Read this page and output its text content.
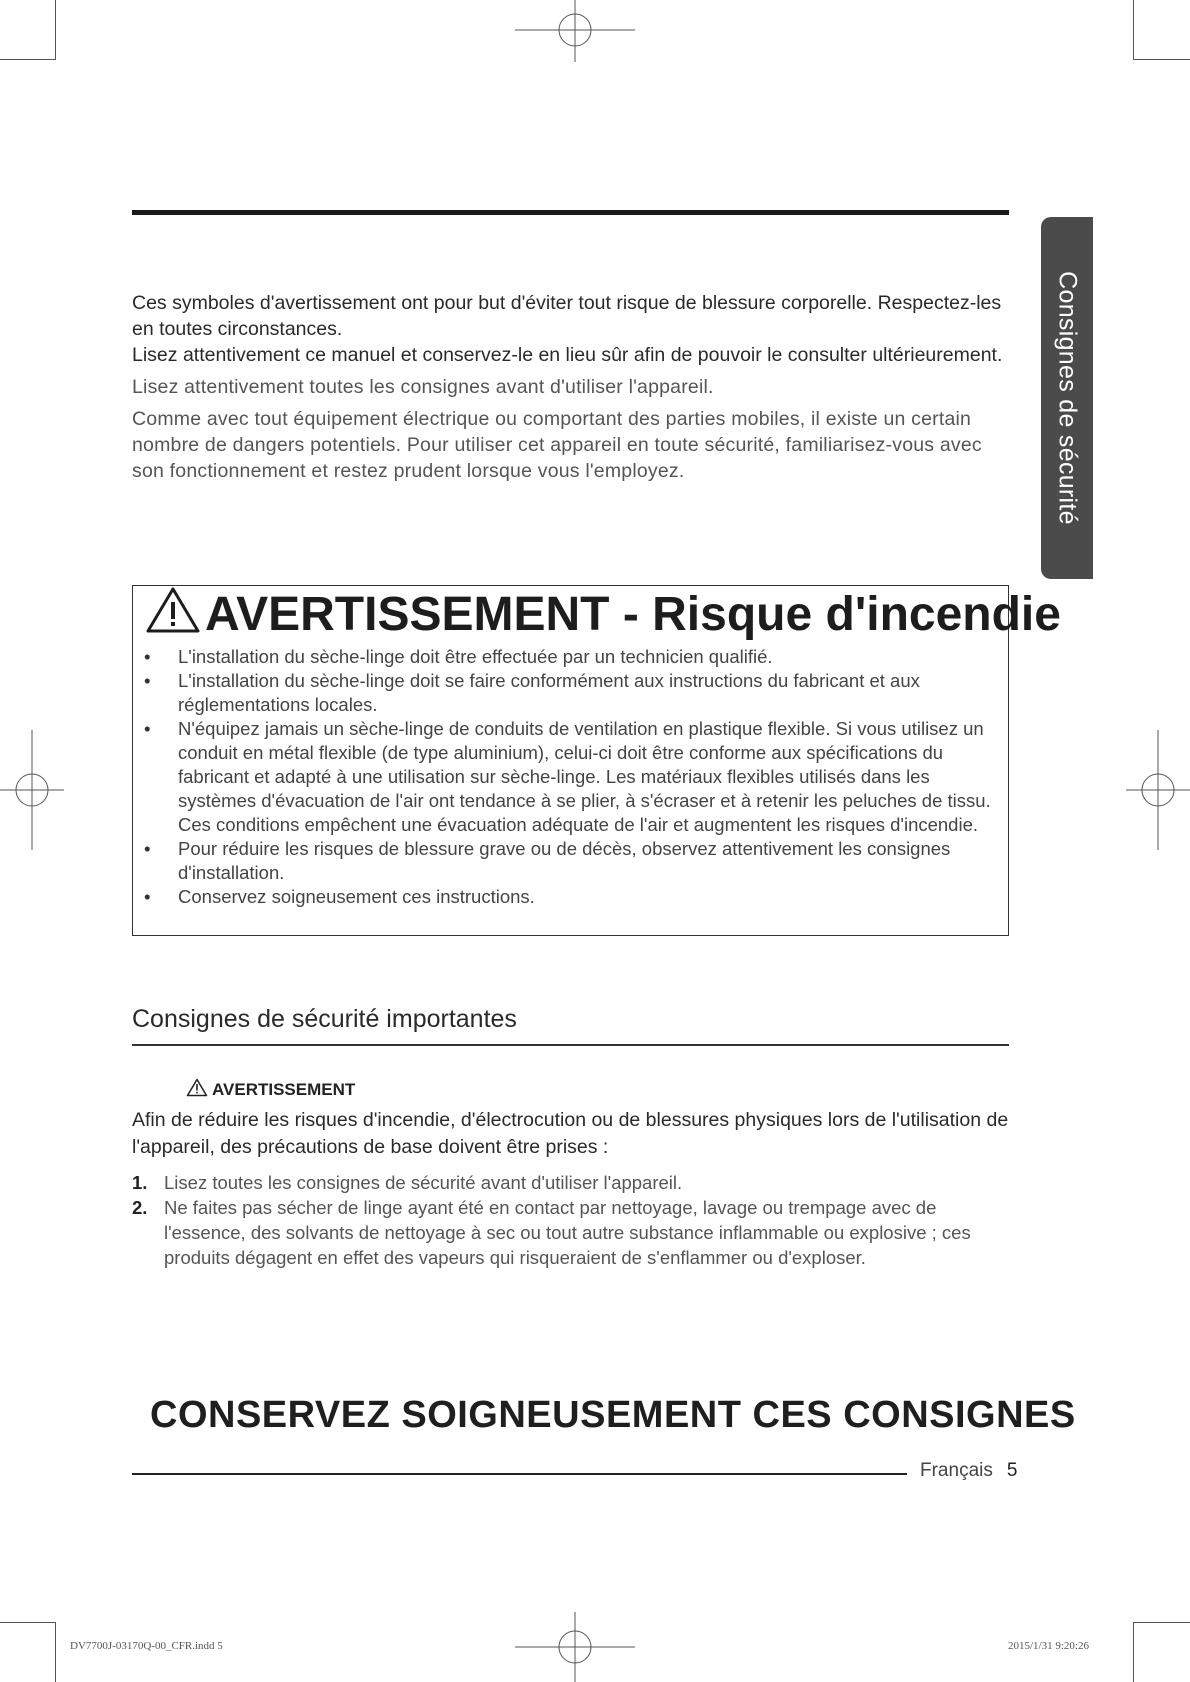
Consignes de sécurité

Ces symboles d'avertissement ont pour but d'éviter tout risque de blessure corporelle. Respectez-les en toutes circonstances.

Lisez attentivement ce manuel et conservez-le en lieu sûr afin de pouvoir le consulter ultérieurement.

Lisez attentivement toutes les consignes avant d'utiliser l'appareil.

Comme avec tout équipement électrique ou comportant des parties mobiles, il existe un certain nombre de dangers potentiels. Pour utiliser cet appareil en toute sécurité, familiarisez-vous avec son fonctionnement et restez prudent lorsque vous l'employez.

AVERTISSEMENT - Risque d'incendie
• L'installation du sèche-linge doit être effectuée par un technicien qualifié.
• L'installation du sèche-linge doit se faire conformément aux instructions du fabricant et aux réglementations locales.
• N'équipez jamais un sèche-linge de conduits de ventilation en plastique flexible. Si vous utilisez un conduit en métal flexible (de type aluminium), celui-ci doit être conforme aux spécifications du fabricant et adapté à une utilisation sur sèche-linge. Les matériaux flexibles utilisés dans les systèmes d'évacuation de l'air ont tendance à se plier, à s'écraser et à retenir les peluches de tissu. Ces conditions empêchent une évacuation adéquate de l'air et augmentent les risques d'incendie.
• Pour réduire les risques de blessure grave ou de décès, observez attentivement les consignes d'installation.
• Conservez soigneusement ces instructions.
Consignes de sécurité importantes
AVERTISSEMENT
Afin de réduire les risques d'incendie, d'électrocution ou de blessures physiques lors de l'utilisation de l'appareil, des précautions de base doivent être prises :
1. Lisez toutes les consignes de sécurité avant d'utiliser l'appareil.
2. Ne faites pas sécher de linge ayant été en contact par nettoyage, lavage ou trempage avec de l'essence, des solvants de nettoyage à sec ou tout autre substance inflammable ou explosive ; ces produits dégagent en effet des vapeurs qui risqueraient de s'enflammer ou d'exploser.
CONSERVEZ SOIGNEUSEMENT CES CONSIGNES
Français 5
DV7700J-03170Q-00_CFR.indd 5	2015/1/31 9:20:26
